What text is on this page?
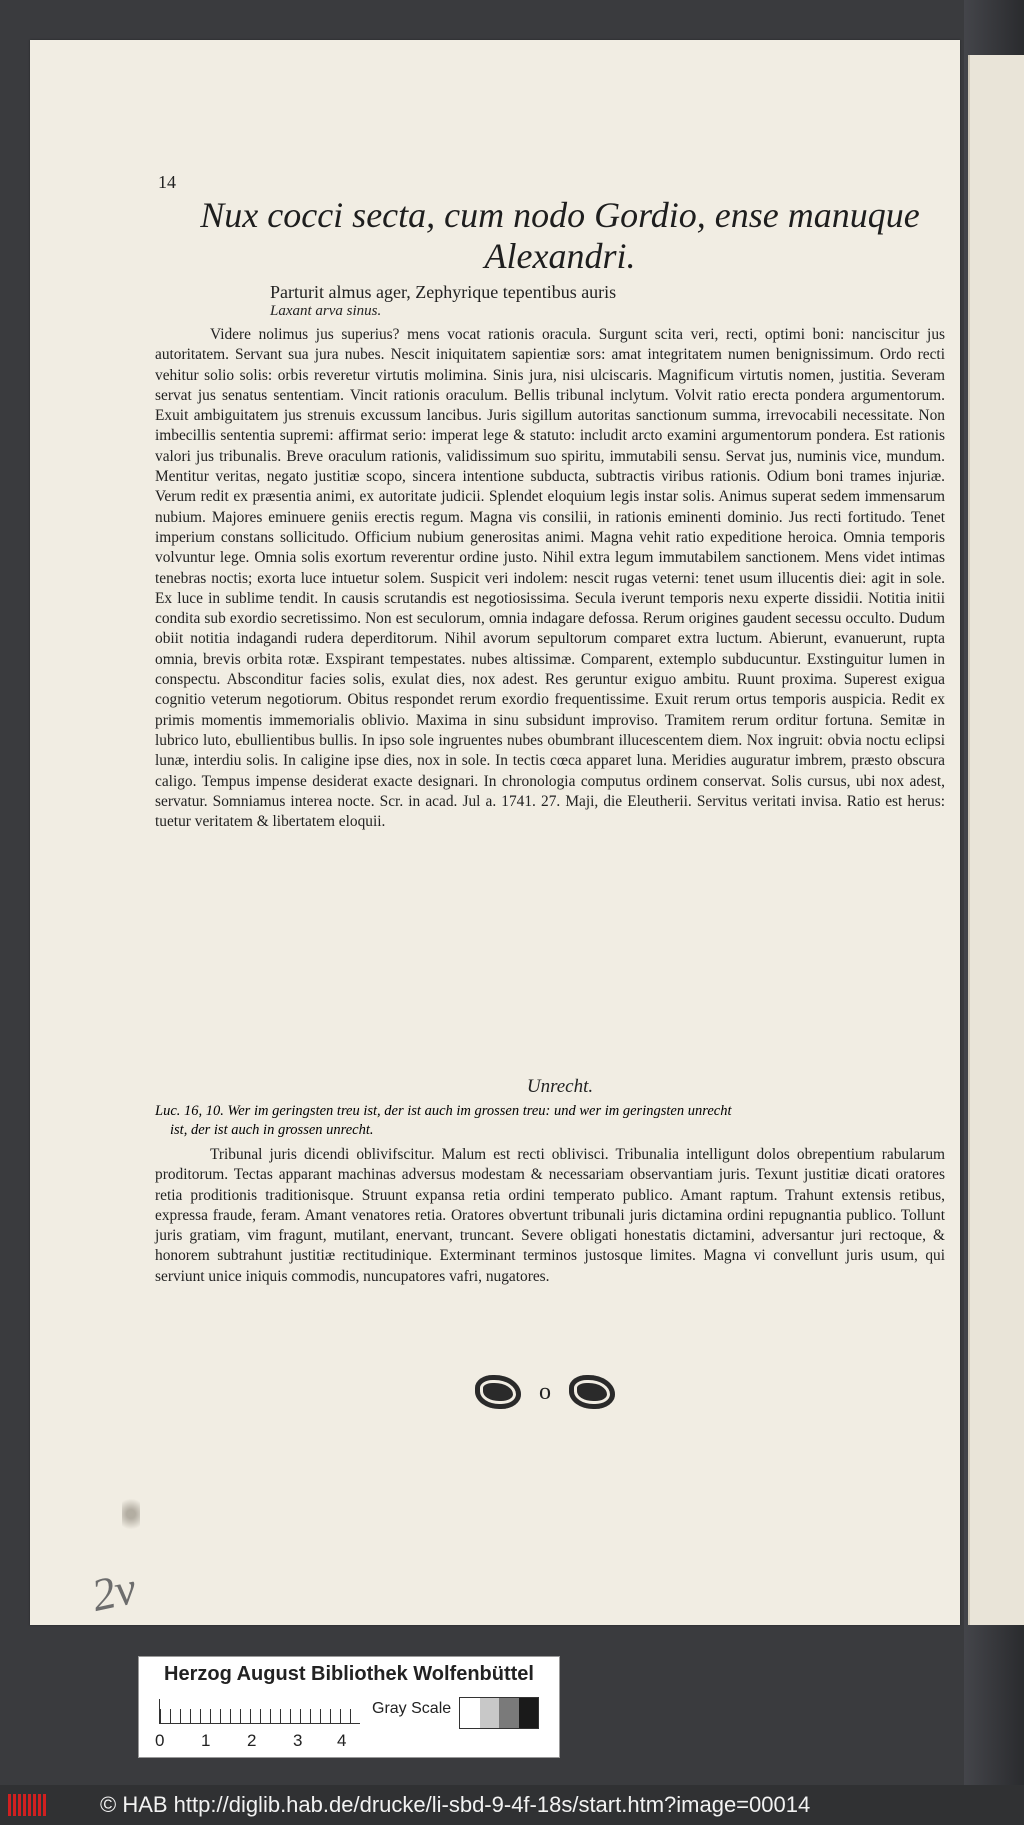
14
Nux cocci secta, cum nodo Gordio, ense manuque Alexandri.
Parturit almus ager, Zephyrique tepentibus auris
Laxant arva sinus.

Videre nolimus jus superius? mens vocat rationis oracula. Surgunt scita veri, recti, optimi boni: nanciscitur jus autoritatem. Servant sua jura nubes. Nescit iniquitatem sapientiæ sors: amat integritatem numen benignissimum. Ordo recti vehitur solio solis: orbis reveretur virtutis molimina. Sinis jura, nisi ulciscaris. Magnificum virtutis nomen, justitia. Severam servat jus senatus sententiam. Vincit rationis oraculum. Bellis tribunal inclytum. Volvit ratio erecta pondera argumentorum. Exuit ambiguitatem jus strenuis excussum lancibus. Juris sigillum autoritas sanctionum summa, irrevocabili necessitate. Non imbecillis sententia supremi: affirmat serio: imperat lege & statuto: includit arcto examini argumentorum pondera. Est rationis valori jus tribunalis. Breve oraculum rationis, validissimum suo spiritu, immutabili sensu. Servat jus, numinis vice, mundum. Mentitur veritas, negato justitiæ scopo, sincera intentione subducta, subtractis viribus rationis. Odium boni trames injuriæ. Verum redit ex præsentia animi, ex autoritate judicii. Splendet eloquium legis instar solis. Animus superat sedem immensarum nubium. Majores eminuere geniis erectis regum. Magna vis consilii, in rationis eminenti dominio. Jus recti fortitudo. Tenet imperium constans sollicitudo. Officium nubium generositas animi. Magna vehit ratio expeditione heroica. Omnia temporis volvuntur lege. Omnia solis exortum reverentur ordine justo. Nihil extra legum immutabilem sanctionem. Mens videt intimas tenebras noctis; exorta luce intuetur solem. Suspicit veri indolem: nescit rugas veterni: tenet usum illucentis diei: agit in sole. Ex luce in sublime tendit. In causis scrutandis est negotiosissima. Secula iverunt temporis nexu experte dissidii. Notitia initii condita sub exordio secretissimo. Non est seculorum, omnia indagare defossa. Rerum origines gaudent secessu occulto. Dudum obiit notitia indagandi rudera deperditorum. Nihil avorum sepultorum comparet extra luctum. Abierunt, evanuerunt, rupta omnia, brevis orbita rotæ. Exspirant tempestates. nubes altissimæ. Comparent, extemplo subducuntur. Exstinguitur lumen in conspectu. Absconditur facies solis, exulat dies, nox adest. Res geruntur exiguo ambitu. Ruunt proxima. Superest exigua cognitio veterum negotiorum. Obitus respondet rerum exordio frequentissime. Exuit rerum ortus temporis auspicia. Redit ex primis momentis immemorialis oblivio. Maxima in sinu subsidunt improviso. Tramitem rerum orditur fortuna. Semitæ in lubrico luto, ebullientibus bullis. In ipso sole ingruentes nubes obumbrant illucescentem diem. Nox ingruit: obvia noctu eclipsi lunæ, interdiu solis. In caligine ipse dies, nox in sole. In tectis cœca apparet luna. Meridies auguratur imbrem, præsto obscura caligo. Tempus impense desiderat exacte designari. In chronologia computus ordinem conservat. Solis cursus, ubi nox adest, servatur. Somniamus interea nocte. Scr. in acad. Jul a. 1741. 27. Maji, die Eleutherii. Servitus veritati invisa. Ratio est herus: tuetur veritatem & libertatem eloquii.

Unrecht.
Luc. 16, 10. Wer im geringsten treu ist, der ist auch im grossen treu: und wer im geringsten unrecht
ist, der ist auch in grossen unrecht.

Tribunal juris dicendi oblivifscitur. Malum est recti oblivisci. Tribunalia intelligunt dolos obrepentium rabularum proditorum. Tectas apparant machinas adversus modestam & necessariam observantiam juris. Texunt justitiæ dicati oratores retia proditionis traditionisque. Struunt expansa retia ordini temperato publico. Amant raptum. Trahunt extensis retibus, expressa fraude, feram. Amant venatores retia. Oratores obvertunt tribunali juris dictamina ordini repugnantia publico. Tollunt juris gratiam, vim fragunt, mutilant, enervant, truncant. Severe obligati honestatis dictamini, adversantur juri rectoque, & honorem subtrahunt justitiæ rectitudinique. Exterminant terminos justosque limites. Magna vi convellunt juris usum, qui serviunt unice iniquis commodis, nuncupatores vafri, nugatores.

o
2v
Herzog August Bibliothek Wolfenbüttel
0 1 2 3 4
Gray Scale
© HAB http://diglib.hab.de/drucke/li-sbd-9-4f-18s/start.htm?image=00014
